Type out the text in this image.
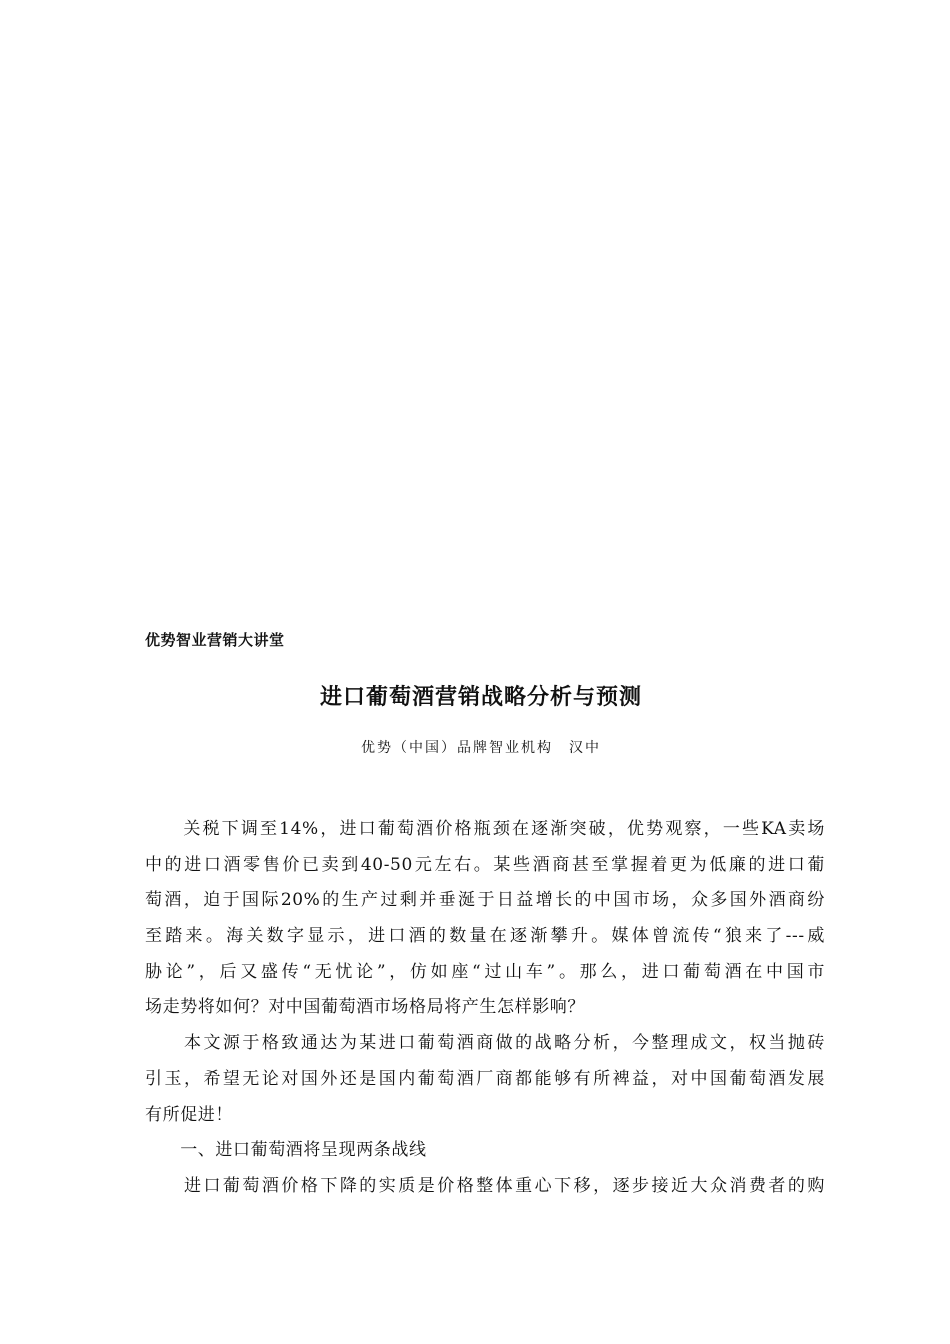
优势智业营销大讲堂
进口葡萄酒营销战略分析与预测
优势（中国）品牌智业机构　汉中
　　关税下调至14%，进口葡萄酒价格瓶颈在逐渐突破，优势观察，一些KA卖场
中的进口酒零售价已卖到40-50元左右。某些酒商甚至掌握着更为低廉的进口葡
萄酒，迫于国际20%的生产过剩并垂涎于日益增长的中国市场，众多国外酒商纷
至踏来。海关数字显示，进口酒的数量在逐渐攀升。媒体曾流传“狼来了---威
胁论”，后又盛传“无忧论”，仿如座“过山车”。那么，进口葡萄酒在中国市
场走势将如何？对中国葡萄酒市场格局将产生怎样影响？
　　本文源于格致通达为某进口葡萄酒商做的战略分析，今整理成文，权当抛砖
引玉，希望无论对国外还是国内葡萄酒厂商都能够有所裨益，对中国葡萄酒发展
有所促进！
　　一、进口葡萄酒将呈现两条战线
　　进口葡萄酒价格下降的实质是价格整体重心下移，逐步接近大众消费者的购
